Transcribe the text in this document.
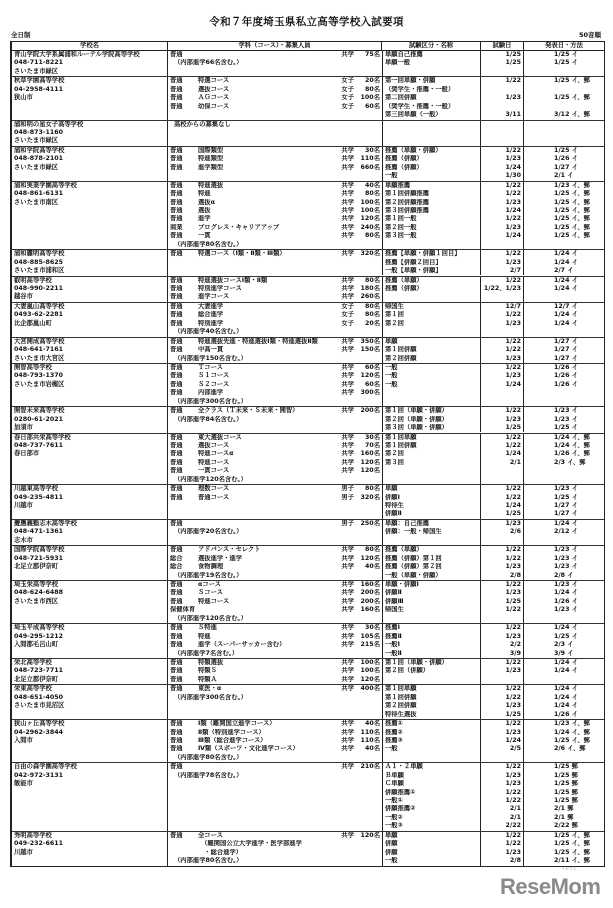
令和７年度埼玉県私立高等学校入試要項
全日制	50音順
学校名	学科（コース）・募集人員	試験区分・名称	試験日	発表日・方法
青山学院大学系属浦和ルーテル学院高等学校
048-711-8221
さいたま市緑区
普通	共学	75名 単願自己推薦	1/25	1/25 イ
（内部進学66名含む。）	単願一般	1/25	1/25 イ
秋草学園高等学校
04-2958-4111
狭山市
普通	特選コース	女子	20名 第一回単願・併願	1/22	1/25 イ、郵
普通	選抜コース	女子	80名 （奨学生・推薦・一般）
普通	ＡＧコース	女子	100名 第二回併願	1/23	1/25 イ、郵
普通	幼保コース	女子	60名 （奨学生・推薦・一般）
第三回単願（一般）	3/11	3/12 イ、郵
浦和明の星女子高等学校
048-873-1160
さいたま市緑区
高校からの募集なし
浦和学院高等学校
048-878-2101
さいたま市緑区
普通	国際類型	共学	30名 推薦（単願・併願）	1/22	1/25 イ
普通	特進類型	共学	110名 推薦（併願）	1/23	1/26 イ
普通	進学類型	共学	660名 推薦（併願）	1/24	1/27 イ
一般	1/30	2/1 イ
浦和実業学園高等学校
048-861-6131
さいたま市南区
普通	特進選抜	共学	40名 単願推薦	1/22	1/23 イ、郵
普通	特進	共学	80名 第１回併願推薦	1/22	1/25 イ、郵
普通	選抜α	共学	100名 第２回併願推薦	1/23	1/25 イ、郵
普通	選抜	共学	100名 第３回併願推薦	1/24	1/25 イ、郵
普通	進学	共学	120名 第１回一般	1/22	1/25 イ、郵
商業	プログレス・キャリアアップ	共学	240名 第２回一般	1/23	1/25 イ、郵
普通	一貫	共学	80名 第３回一般	1/24	1/25 イ、郵
（内部進学80名含む。）
浦和麗明高等学校
048-885-8625
さいたま市浦和区
普通	特選コース（Ⅰ類・Ⅱ類・Ⅲ類）	共学	320名 推薦【単願・併願１回目】	1/22	1/24 イ
推薦【併願２回目】	1/23	1/24 イ
一般【単願・併願】	2/7	2/7 イ
叡明高等学校
048-990-2211
越谷市
普通	特進選抜コースⅠ類・Ⅱ類	共学	80名 推薦（単願）	1/22	1/24 イ
普通	特別進学コース	共学	180名 推薦（併願）	1/22、1/23	1/24 イ
普通	進学コース	共学	260名
大妻嵐山高等学校
0493-62-2281
比企郡嵐山町
普通	大妻進学	女子	80名 帰国生	12/7	12/7 イ
普通	総合進学	女子	80名 第１回	1/22	1/24 イ
普通	特別進学	女子	20名 第２回	1/23	1/24 イ
（内部進学40名含む。）
大宮開成高等学校
048-641-7161
さいたま市大宮区
普通	特進選抜先進・特進選抜Ⅰ類・特進選抜Ⅱ類	共学	350名 単願	1/22	1/27 イ
普通	中高一貫	共学	150名 第１回併願	1/22	1/27 イ
（内部進学150名含む。）	第２回併願	1/23	1/27 イ
開智高等学校
048-793-1370
さいたま市岩槻区
普通	Ｔコース	共学	60名 一般	1/22	1/26 イ
普通	Ｓ１コース	共学	120名 一般	1/23	1/26 イ
普通	Ｓ２コース	共学	60名 一般	1/24	1/26 イ
普通	内部進学	共学	300名
（内部進学300名含む。）
開智未来高等学校
0280-61-2021
加須市
普通	全クラス（Ｔ未来・Ｓ未来・開智）	共学	200名 第１回（単願・併願）	1/22	1/23 イ
（内部進学84名含む。）	第２回（単願・併願）	1/23	1/23 イ
第３回（単願・併願）	1/25	1/25 イ
春日部共栄高等学校
048-737-7611
春日部市
普通	東大選抜コース	共学	30名 第１回単願	1/22	1/24 イ、郵
普通	選抜コース	共学	70名 第１回併願	1/22	1/24 イ、郵
普通	特進コースα	共学	160名 第２回	1/24	1/26 イ、郵
普通	特進コース	共学	120名 第３回	2/1	2/3 イ、郵
普通	一貫コース	共学	120名
（内部進学120名含む。）
川越東高等学校
049-235-4811
川越市
普通	理数コース	男子	80名 単願	1/22	1/23 イ
普通	普通コース	男子	320名 併願Ⅰ	1/22	1/25 イ
特待生	1/24	1/27 イ
併願Ⅱ	1/25	1/27 イ
慶應義塾志木高等学校
048-471-1361
志木市
普通	男子	250名 単願：自己推薦	1/23	1/24 イ
（内部進学20名含む。）	併願：一般・帰国生	2/6	2/12 イ
国際学院高等学校
048-721-5931
北足立郡伊奈町
普通	アドバンス・セレクト	共学	80名 推薦（単願）	1/22	1/23 イ
総合	選抜進学・進学	共学	120名 推薦（併願）第１回	1/22	1/23 イ
総合	食物調理	共学	40名 推薦（併願）第２回	1/23	1/23 イ
（内部進学19名含む。）	一般（単願・併願）	2/8	2/8 イ
埼玉栄高等学校
048-624-6488
さいたま市西区
普通	αコース	共学	160名 単願・併願Ⅰ	1/22	1/23 イ
普通	Ｓコース	共学	200名 併願Ⅱ	1/23	1/24 イ
普通	特進コース	共学	200名 併願Ⅲ	1/25	1/26 イ
保健体育	共学	160名 帰国生	1/22	1/23 イ
（内部進学120名含む。）
埼玉平成高等学校
049-295-1212
入間郡毛呂山町
普通	Ｓ特進	共学	30名 推薦Ⅰ	1/22	1/24 イ
普通	特進	共学	105名 推薦Ⅱ	1/23	1/25 イ
普通	進学（スーパーサッカー含む）	共学	215名 一般Ⅰ	2/2	2/3 イ
（内部進学7名含む。）	一般Ⅱ	3/9	3/9 イ
栄北高等学校
048-723-7711
北足立郡伊奈町
普通	特類選抜	共学	100名 第１回（単願・併願）	1/22	1/24 イ
普通	特類Ｓ	共学	100名 第２回（併願）	1/23	1/24 イ
普通	特類Ａ	共学	120名
栄東高等学校
048-651-4050
さいたま市見沼区
普通	東医・α	共学	400名 第１回単願	1/22	1/24 イ
（内部進学300名含む。）	第１回併願	1/22	1/24 イ
第２回併願	1/23	1/24 イ
特待生選抜	1/25	1/26 イ
狭山ヶ丘高等学校
04-2962-3844
入間市
普通	Ⅰ類（難関国立進学コース）	共学	40名 推薦①	1/22	1/23 イ、郵
普通	Ⅱ類（特別進学コース）	共学	110名 推薦②	1/23	1/24 イ、郵
普通	Ⅲ類（総合進学コース）	共学	110名 推薦③	1/24	1/25 イ、郵
普通	Ⅳ類（スポーツ・文化進学コース）	共学	40名 一般	2/5	2/6 イ、郵
（内部進学80名含む。）
自由の森学園高等学校
042-972-3131
飯能市
普通	共学	210名 Ａ１・２単願	1/22	1/25 郵
（内部進学78名含む。）	Ｂ単願	1/23	1/25 郵
Ｃ単願	1/23	1/25 郵
併願推薦①	1/22	1/25 郵
一般①	1/22	1/25 郵
併願推薦②	2/1	2/1 郵
一般②	2/1	2/1 郵
一般③	2/22	2/22 郵
秀明高等学校
049-232-6611
川越市
普通	全コース	共学	120名 単願	1/22	1/25 イ、郵
　（難関国公立大学進学・医学部進学	併願	1/22	1/25 イ、郵
　・総合進学）	併願	1/23	1/25 イ、郵
（内部進学80名含む。）	一般	2/8	2/11 イ、郵
ReseMom
リセマム
